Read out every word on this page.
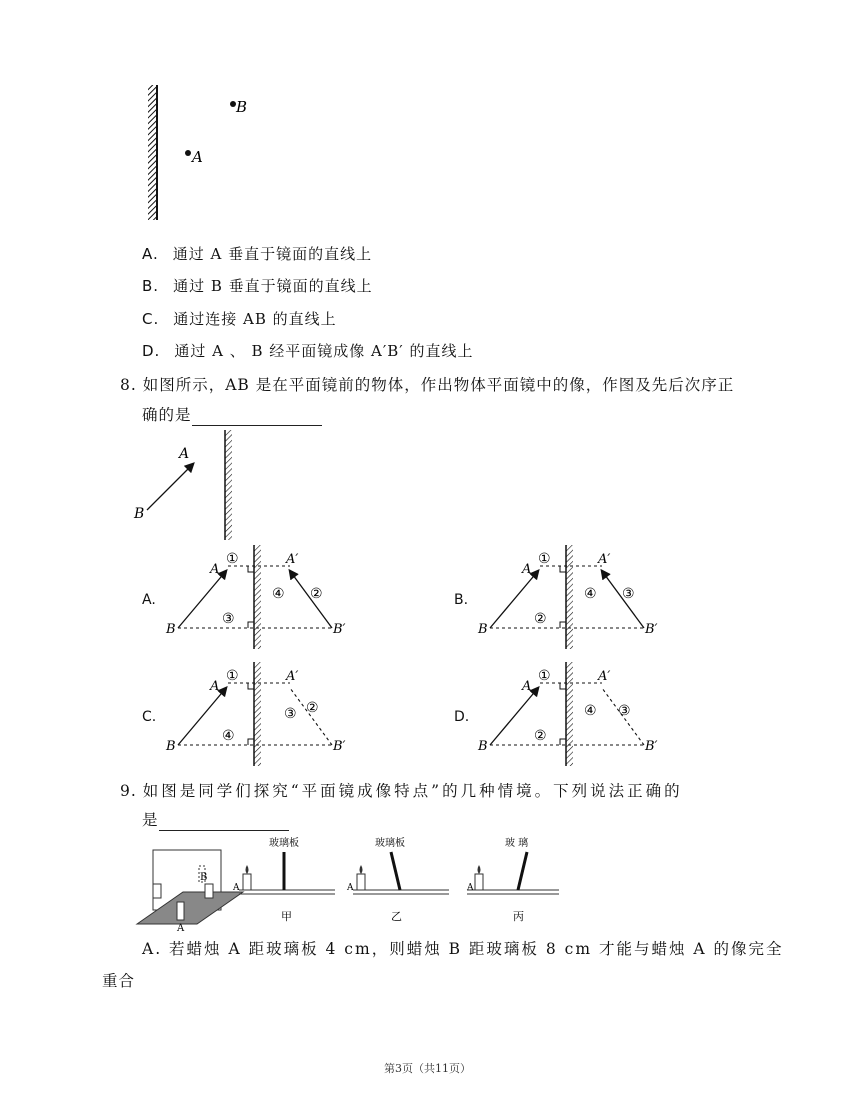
B
A
A. 通过 A 垂直于镜面的直线上
B. 通过 B 垂直于镜面的直线上
C. 通过连接 AB 的直线上
D. 通过 A 、 B 经平面镜成像 A′B′ 的直线上
8. 如图所示，AB 是在平面镜前的物体，作出物体平面镜中的像，作图及先后次序正
确的是
A
B
A.
A
A′
B	B′
①
④ ②
③
B.
A
A′
B	B′
①
④ ③
②
C.
A
A′
B	B′
①
③ ②
④
D.
A
A′
B	B′
①
④ ③
②
9. 如图是同学们探究“平面镜成像特点”的几种情境。下列说法正确的
是
A
B
玻璃板
A
甲
玻璃板
A
乙
玻 璃
A
丙
A. 若蜡烛 A 距玻璃板 4 cm，则蜡烛 B 距玻璃板 8 cm 才能与蜡烛 A 的像完全
重合
第3页（共11页）
